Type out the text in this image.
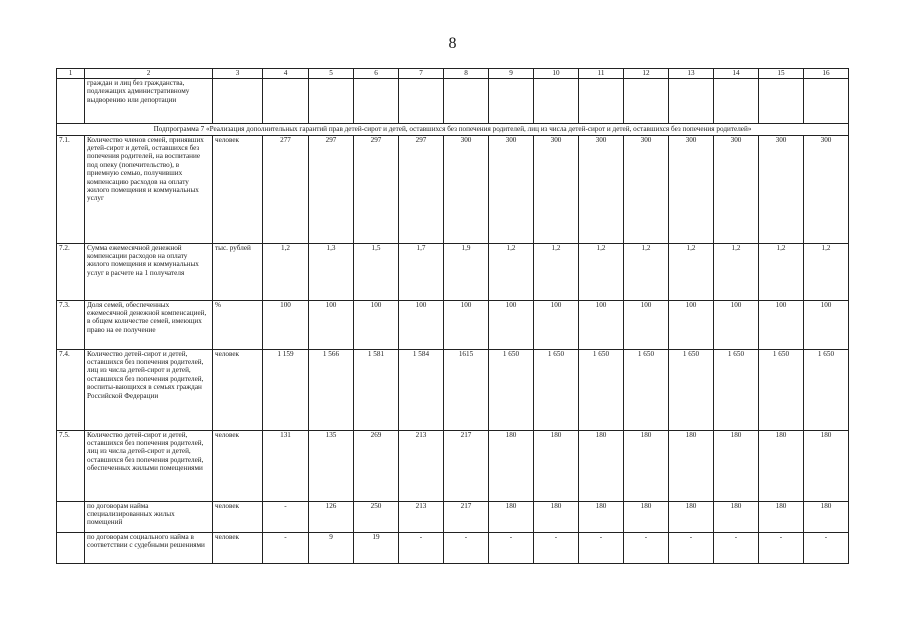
8
1	2	3	4	5	6	7	8	9	10	11	12	13	14	15	16
	граждан и лиц без гражданства, подлежащих административному выдворению или депортации														
Подпрограмма 7 «Реализация дополнительных гарантий прав детей-сирот и детей, оставшихся без попечения родителей, лиц из числа детей-сирот и детей, оставшихся без попечения родителей»															
7.1.	Количество членов семей, принявших детей-сирот и детей, оставшихся без попечения родителей, на воспитание под опеку (попечительство), в приемную семью, получивших компенсацию расходов на оплату жилого помещения и коммунальных услуг	человек	277	297	297	297	300	300	300	300	300	300	300	300	300
7.2.	Сумма ежемесячной денежной компенсации расходов на оплату жилого помещения и коммунальных услуг в расчете на 1 получателя	тыс. рублей	1,2	1,3	1,5	1,7	1,9	1,2	1,2	1,2	1,2	1,2	1,2	1,2	1,2
7.3.	Доля семей, обеспеченных ежемесячной денежной компенсацией, в общем количестве семей, имеющих право на ее получение	%	100	100	100	100	100	100	100	100	100	100	100	100	100
7.4.	Количество детей-сирот и детей, оставшихся без попечения родителей, лиц из числа детей-сирот и детей, оставшихся без попечения родителей, воспиты-вающихся в семьях граждан Российской Федерации	человек	1 159	1 566	1 581	1 584	1615	1 650	1 650	1 650	1 650	1 650	1 650	1 650	1 650
7.5.	Количество детей-сирот и детей, оставшихся без попечения родителей, лиц из числа детей-сирот и детей, оставшихся без попечения родителей, обеспеченных жилыми помещениями	человек	131	135	269	213	217	180	180	180	180	180	180	180	180
	по договорам найма специализированных жилых помещений	человек	-	126	250	213	217	180	180	180	180	180	180	180	180
	по договорам социального найма в соответствии с судебными решениями	человек	-	9	19	-	-	-	-	-	-	-	-	-	-
